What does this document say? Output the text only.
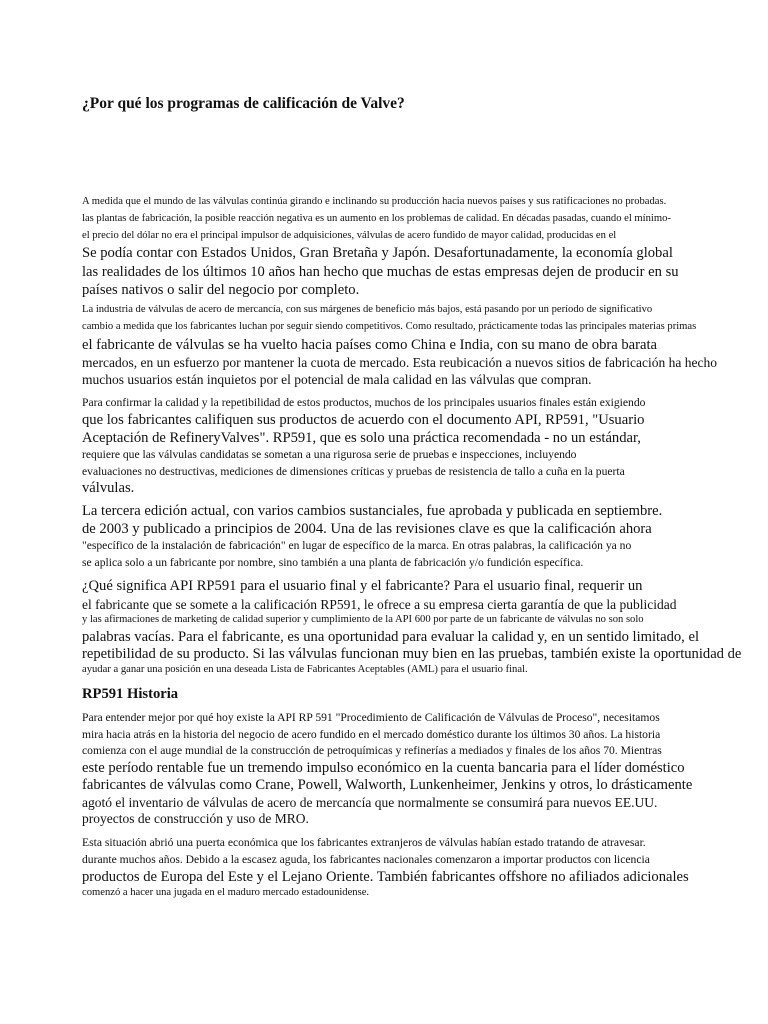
¿Por qué los programas de calificación de Valve?

A medida que el mundo de las válvulas continúa girando e inclinando su producción hacia nuevos países y sus ratificaciones no probadas.

las plantas de fabricación, la posible reacción negativa es un aumento en los problemas de calidad. En décadas pasadas, cuando el mínimo-

el precio del dólar no era el principal impulsor de adquisiciones, válvulas de acero fundido de mayor calidad, producidas en el

Se podía contar con Estados Unidos, Gran Bretaña y Japón. Desafortunadamente, la economía global

las realidades de los últimos 10 años han hecho que muchas de estas empresas dejen de producir en su

países nativos o salir del negocio por completo.

La industria de válvulas de acero de mercancía, con sus márgenes de beneficio más bajos, está pasando por un período de significativo

cambio a medida que los fabricantes luchan por seguir siendo competitivos. Como resultado, prácticamente todas las principales materias primas

el fabricante de válvulas se ha vuelto hacia países como China e India, con su mano de obra barata

mercados, en un esfuerzo por mantener la cuota de mercado. Esta reubicación a nuevos sitios de fabricación ha hecho

muchos usuarios están inquietos por el potencial de mala calidad en las válvulas que compran.

Para confirmar la calidad y la repetibilidad de estos productos, muchos de los principales usuarios finales están exigiendo

que los fabricantes califiquen sus productos de acuerdo con el documento API, RP591, "Usuario

Aceptación de RefineryValves". RP591, que es solo una práctica recomendada - no un estándar,

requiere que las válvulas candidatas se sometan a una rigurosa serie de pruebas e inspecciones, incluyendo

evaluaciones no destructivas, mediciones de dimensiones críticas y pruebas de resistencia de tallo a cuña en la puerta

válvulas.

La tercera edición actual, con varios cambios sustanciales, fue aprobada y publicada en septiembre.

de 2003 y publicado a principios de 2004. Una de las revisiones clave es que la calificación ahora

"específico de la instalación de fabricación" en lugar de específico de la marca. En otras palabras, la calificación ya no

se aplica solo a un fabricante por nombre, sino también a una planta de fabricación y/o fundición específica.

¿Qué significa API RP591 para el usuario final y el fabricante? Para el usuario final, requerir un

el fabricante que se somete a la calificación RP591, le ofrece a su empresa cierta garantía de que la publicidad

y las afirmaciones de marketing de calidad superior y cumplimiento de la API 600 por parte de un fabricante de válvulas no son solo

palabras vacías. Para el fabricante, es una oportunidad para evaluar la calidad y, en un sentido limitado, el

repetibilidad de su producto. Si las válvulas funcionan muy bien en las pruebas, también existe la oportunidad de

ayudar a ganar una posición en una deseada Lista de Fabricantes Aceptables (AML) para el usuario final.

RP591 Historia

Para entender mejor por qué hoy existe la API RP 591 "Procedimiento de Calificación de Válvulas de Proceso", necesitamos

mira hacia atrás en la historia del negocio de acero fundido en el mercado doméstico durante los últimos 30 años. La historia

comienza con el auge mundial de la construcción de petroquímicas y refinerías a mediados y finales de los años 70. Mientras

este período rentable fue un tremendo impulso económico en la cuenta bancaria para el líder doméstico

fabricantes de válvulas como Crane, Powell, Walworth, Lunkenheimer, Jenkins y otros, lo drásticamente

agotó el inventario de válvulas de acero de mercancía que normalmente se consumirá para nuevos EE.UU.

proyectos de construcción y uso de MRO.

Esta situación abrió una puerta económica que los fabricantes extranjeros de válvulas habían estado tratando de atravesar.

durante muchos años. Debido a la escasez aguda, los fabricantes nacionales comenzaron a importar productos con licencia

productos de Europa del Este y el Lejano Oriente. También fabricantes offshore no afiliados adicionales

comenzó a hacer una jugada en el maduro mercado estadounidense.
